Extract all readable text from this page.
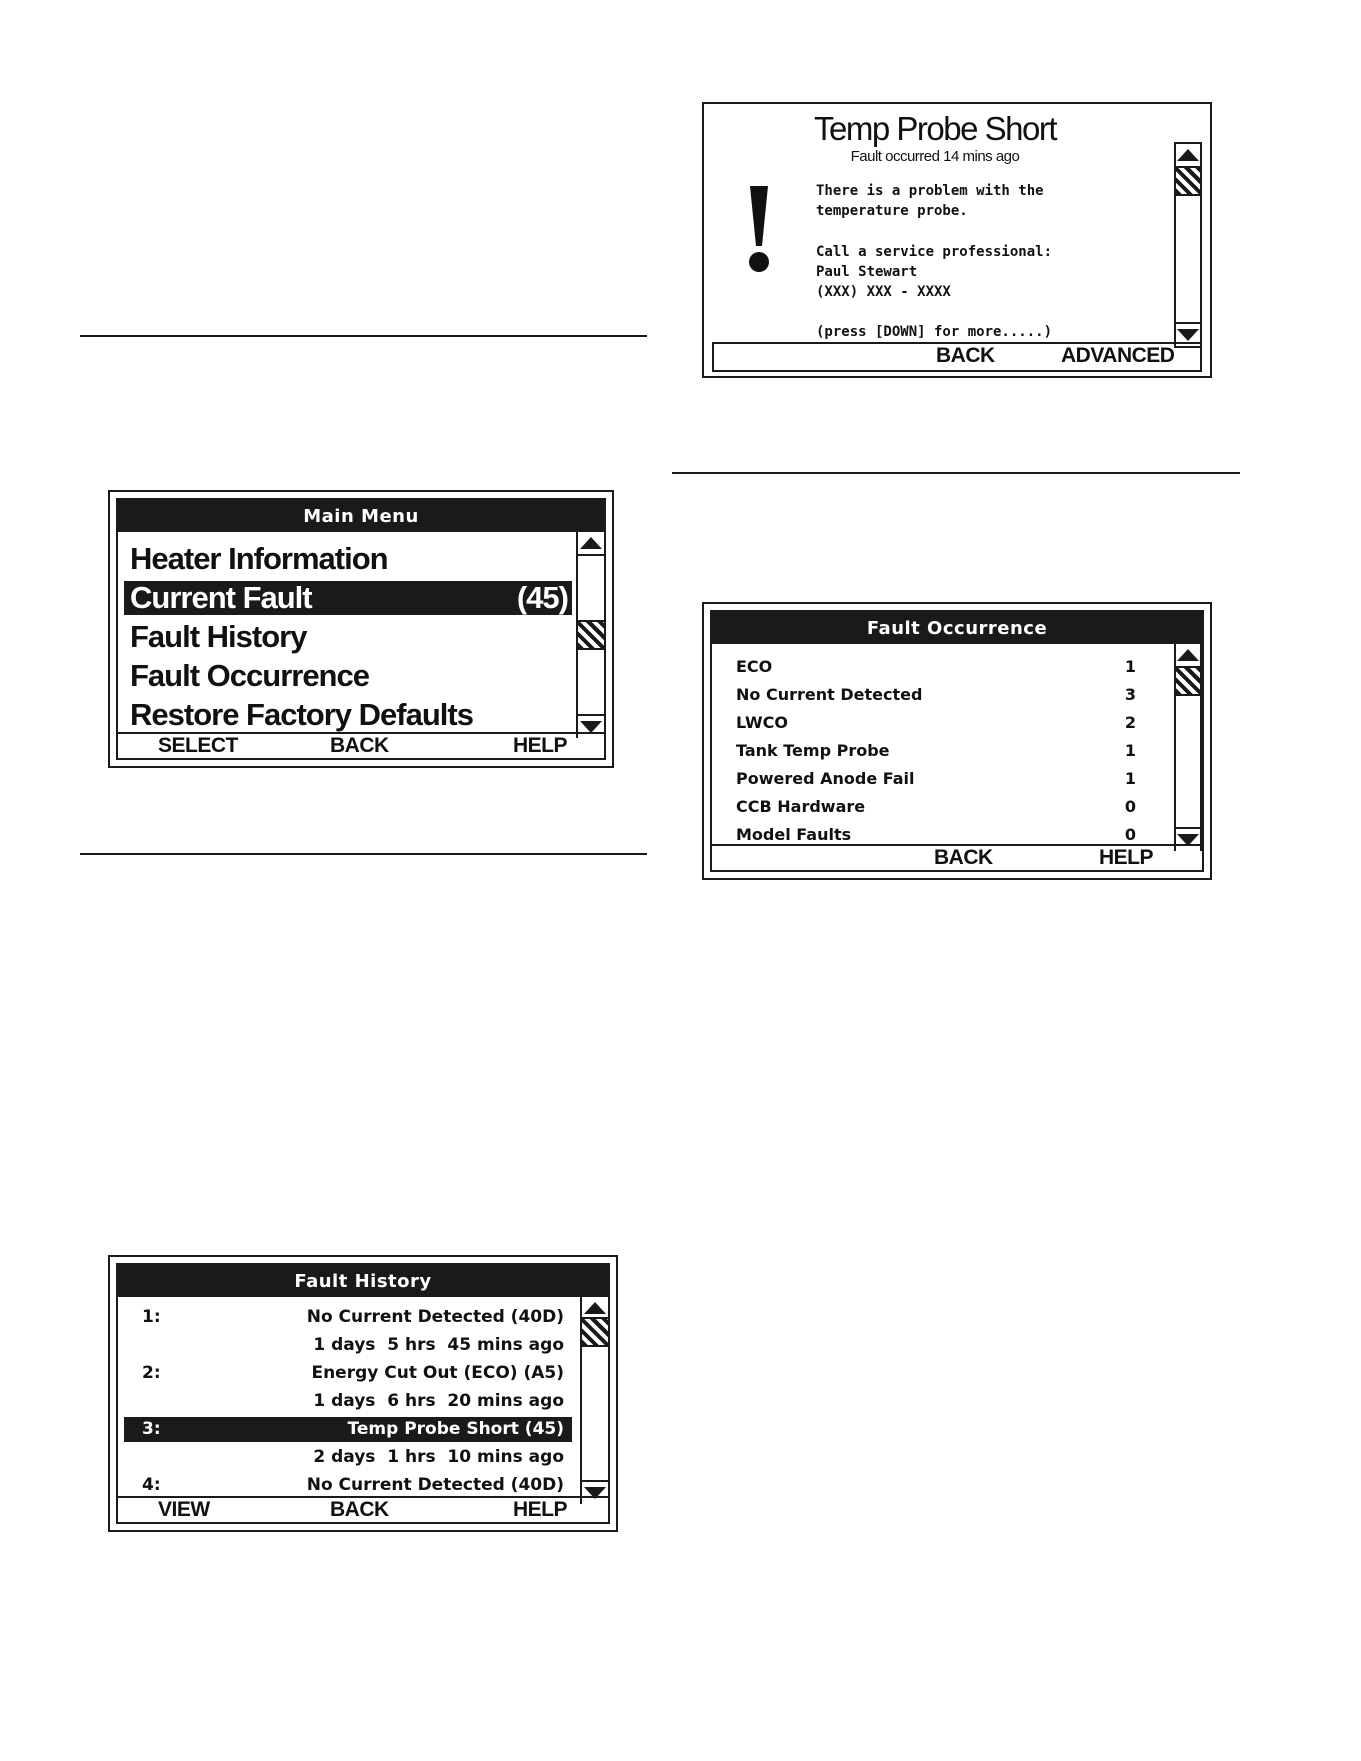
Main Menu
Heater Information
Current Fault	(45)
Fault History
Fault Occurrence
Restore Factory Defaults
SELECT	BACK	HELP
Fault History
1:	No Current Detected (40D)
1 days  5 hrs  45 mins ago
2:	Energy Cut Out (ECO) (A5)
1 days  6 hrs  20 mins ago
3:	Temp Probe Short (45)
2 days  1 hrs  10 mins ago
4:	No Current Detected (40D)
VIEW	BACK	HELP
Temp Probe Short
Fault occurred 14 mins ago
There is a problem with the
temperature probe.
Call a service professional:
Paul Stewart
(XXX) XXX - XXXX
(press [DOWN] for more.....)
BACK	ADVANCED
Fault Occurrence
ECO	1
No Current Detected	3
LWCO	2
Tank Temp Probe	1
Powered Anode Fail	1
CCB Hardware	0
Model Faults	0
BACK	HELP
